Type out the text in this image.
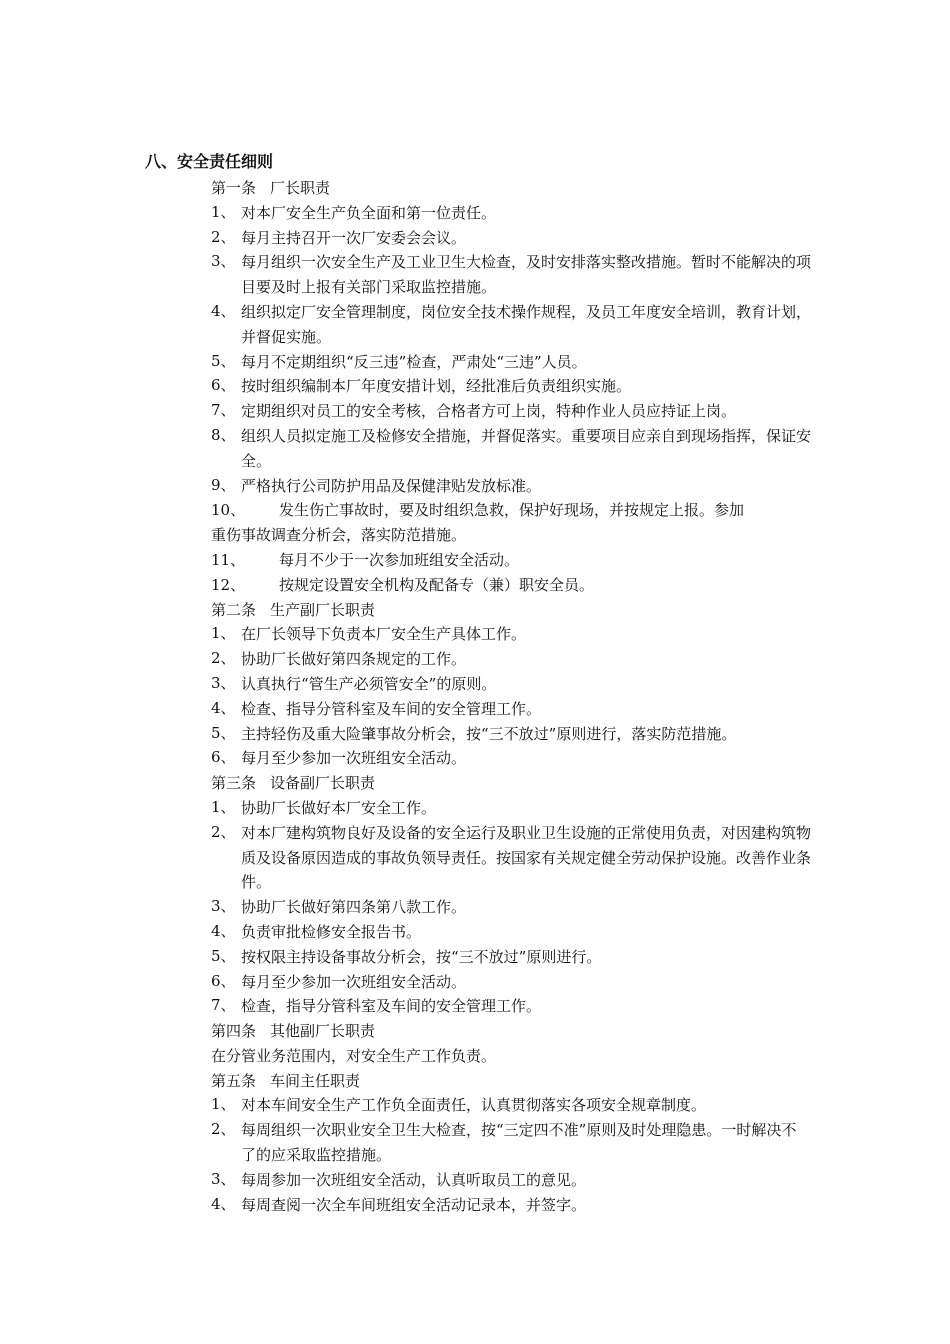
八、安全责任细则
第一条 厂长职责
1、 对本厂安全生产负全面和第一位责任。
2、 每月主持召开一次厂安委会会议。
3、 每月组织一次安全生产及工业卫生大检查，及时安排落实整改措施。暂时不能解决的项目要及时上报有关部门采取监控措施。
4、 组织拟定厂安全管理制度，岗位安全技术操作规程，及员工年度安全培训，教育计划，并督促实施。
5、 每月不定期组织“反三违”检查，严肃处“三违”人员。
6、 按时组织编制本厂年度安措计划，经批准后负责组织实施。
7、 定期组织对员工的安全考核，合格者方可上岗，特种作业人员应持证上岗。
8、 组织人员拟定施工及检修安全措施，并督促落实。重要项目应亲自到现场指挥，保证安全。
9、 严格执行公司防护用品及保健津贴发放标准。
10、	发生伤亡事故时，要及时组织急救，保护好现场，并按规定上报。参加
重伤事故调查分析会，落实防范措施。
11、	每月不少于一次参加班组安全活动。
12、	按规定设置安全机构及配备专（兼）职安全员。
第二条 生产副厂长职责
1、 在厂长领导下负责本厂安全生产具体工作。
2、 协助厂长做好第四条规定的工作。
3、 认真执行“管生产必须管安全”的原则。
4、 检查、指导分管科室及车间的安全管理工作。
5、 主持轻伤及重大险肇事故分析会，按“三不放过”原则进行，落实防范措施。
6、 每月至少参加一次班组安全活动。
第三条 设备副厂长职责
1、 协助厂长做好本厂安全工作。
2、 对本厂建构筑物良好及设备的安全运行及职业卫生设施的正常使用负责，对因建构筑物质及设备原因造成的事故负领导责任。按国家有关规定健全劳动保护设施。改善作业条件。
3、 协助厂长做好第四条第八款工作。
4、 负责审批检修安全报告书。
5、 按权限主持设备事故分析会，按“三不放过”原则进行。
6、 每月至少参加一次班组安全活动。
7、 检查，指导分管科室及车间的安全管理工作。
第四条 其他副厂长职责
在分管业务范围内，对安全生产工作负责。
第五条 车间主任职责
1、 对本车间安全生产工作负全面责任，认真贯彻落实各项安全规章制度。
2、 每周组织一次职业安全卫生大检查，按“三定四不准”原则及时处理隐患。一时解决不了的应采取监控措施。
3、 每周参加一次班组安全活动，认真听取员工的意见。
4、 每周查阅一次全车间班组安全活动记录本，并签字。
